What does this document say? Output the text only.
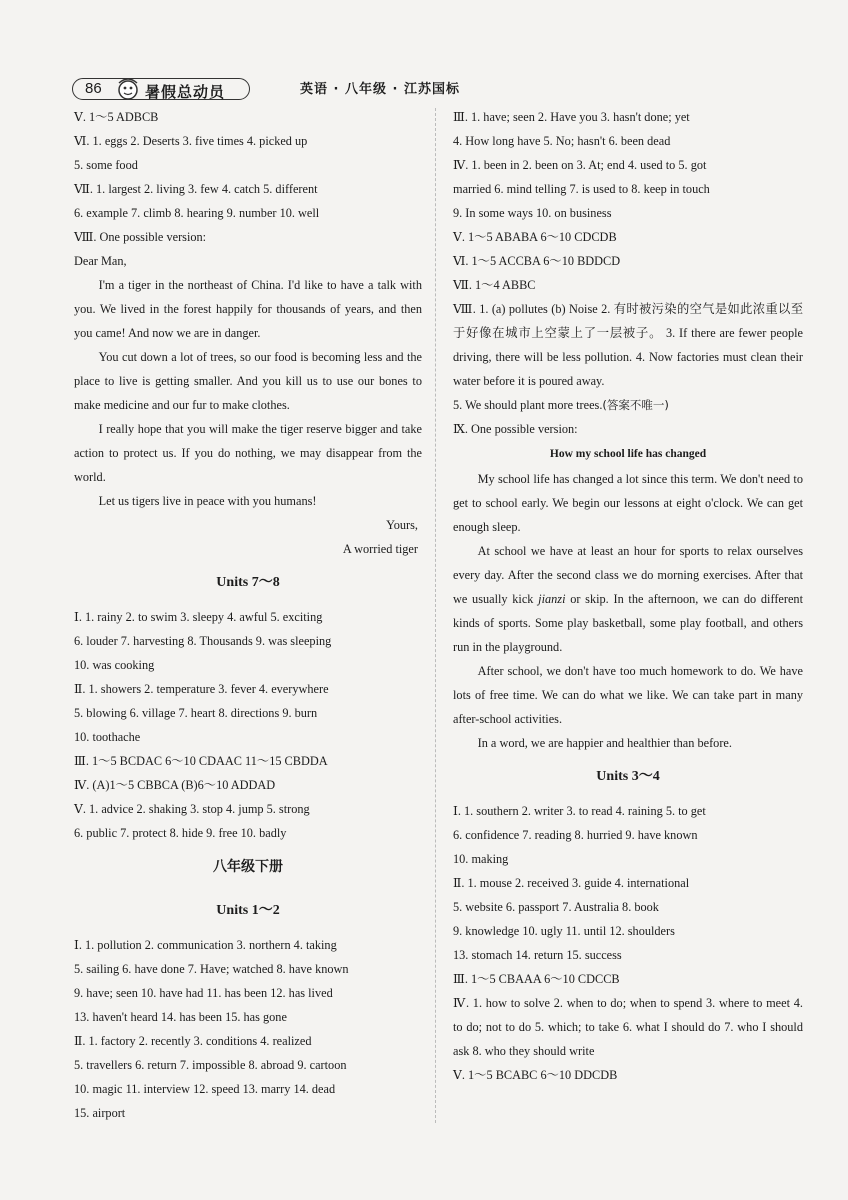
86	暑假总动员	英语 · 八年级 · 江苏国标
Ⅴ. 1～5 ADBCB
Ⅵ. 1. eggs 2. Deserts 3. five times 4. picked up
5. some food
Ⅶ. 1. largest 2. living 3. few 4. catch 5. different
6. example 7. climb 8. hearing 9. number 10. well
Ⅷ. One possible version:
Dear Man,
I'm a tiger in the northeast of China. I'd like to have a talk with you. We lived in the forest happily for thousands of years, and then you came! And now we are in danger.
You cut down a lot of trees, so our food is becoming less and the place to live is getting smaller. And you kill us to use our bones to make medicine and our fur to make clothes.
I really hope that you will make the tiger reserve bigger and take action to protect us. If you do nothing, we may disappear from the world.
Let us tigers live in peace with you humans!
Yours,
A worried tiger
Units 7～8
Ⅰ. 1. rainy 2. to swim 3. sleepy 4. awful 5. exciting
6. louder 7. harvesting 8. Thousands 9. was sleeping
10. was cooking
Ⅱ. 1. showers 2. temperature 3. fever 4. everywhere
5. blowing 6. village 7. heart 8. directions 9. burn
10. toothache
Ⅲ. 1～5 BCDAC 6～10 CDAAC 11～15 CBDDA
Ⅳ. (A)1～5 CBBCA (B)6～10 ADDAD
Ⅴ. 1. advice 2. shaking 3. stop 4. jump 5. strong
6. public 7. protect 8. hide 9. free 10. badly
八年级下册
Units 1～2
Ⅰ. 1. pollution 2. communication 3. northern 4. taking
5. sailing 6. have done 7. Have; watched 8. have known
9. have; seen 10. have had 11. has been 12. has lived
13. haven't heard 14. has been 15. has gone
Ⅱ. 1. factory 2. recently 3. conditions 4. realized
5. travellers 6. return 7. impossible 8. abroad 9. cartoon
10. magic 11. interview 12. speed 13. marry 14. dead
15. airport
Ⅲ. 1. have; seen 2. Have you 3. hasn't done; yet
4. How long have 5. No; hasn't 6. been dead
Ⅳ. 1. been in 2. been on 3. At; end 4. used to 5. got
married 6. mind telling 7. is used to 8. keep in touch
9. In some ways 10. on business
Ⅴ. 1～5 ABABA 6～10 CDCDB
Ⅵ. 1～5 ACCBA 6～10 BDDCD
Ⅶ. 1～4 ABBC
Ⅷ. 1. (a) pollutes (b) Noise 2. 有时被污染的空气是如此浓重以至于好像在城市上空蒙上了一层被子。 3. If there are fewer people driving, there will be less pollution. 4. Now factories must clean their water before it is poured away.
5. We should plant more trees.(答案不唯一)
Ⅸ. One possible version:
How my school life has changed
My school life has changed a lot since this term. We don't need to get to school early. We begin our lessons at eight o'clock. We can get enough sleep.
At school we have at least an hour for sports to relax ourselves every day. After the second class we do morning exercises. After that we usually kick jianzi or skip. In the afternoon, we can do different kinds of sports. Some play basketball, some play football, and others run in the playground.
After school, we don't have too much homework to do. We have lots of free time. We can do what we like. We can take part in many after-school activities.
In a word, we are happier and healthier than before.
Units 3～4
Ⅰ. 1. southern 2. writer 3. to read 4. raining 5. to get
6. confidence 7. reading 8. hurried 9. have known
10. making
Ⅱ. 1. mouse 2. received 3. guide 4. international
5. website 6. passport 7. Australia 8. book
9. knowledge 10. ugly 11. until 12. shoulders
13. stomach 14. return 15. success
Ⅲ. 1～5 CBAAA 6～10 CDCCB
Ⅳ. 1. how to solve 2. when to do; when to spend 3. where to meet 4. to do; not to do 5. which; to take 6. what I should do 7. who I should ask 8. who they should write
Ⅴ. 1～5 BCABC 6～10 DDCDB
